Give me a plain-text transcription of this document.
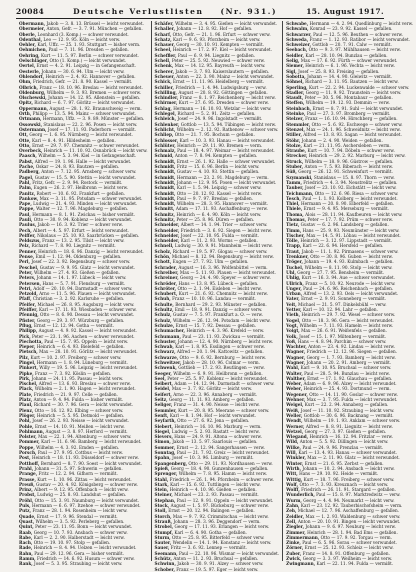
20084	Deutsche Verlustlisten (Nr. 931.)	15. August 1917.
Obermann, Jakob — 3. 8. 13. Brüssel — leicht verwundet.
Obermeier, Anton, Gefr. — 3. 7. 91. München — gefallen.
Oberle, Leonhard (3. Komp.) — schwer verwundet.
Odenthal, Leo — 12. 9. 95. Köln — leicht verw.
Oehler, Karl, Uffz. — 25. 1. 93. Stuttgart — bisher verm.
Oehmichen, Paul — 7. 11. 96. Dresden — gefallen.
Oehring, Kurt — 11. 5. 97. Berlin — schwer verwundet.
Oelschläger, Otto (1. Komp.) — leicht verwundet.
Oertel, Ernst — 4. 2. 91. Leipzig — in Gefangenschaft.
Oesterle, Johann — 30. 6. 94. Ulm — leicht verw.
Ohlendorf, Heinrich — 2. 4. 92. Hannover — gefallen.
Ohm, Friedrich, Gefr. — 21. 8. 90. Kassel — vermißt.
Olbrich, Franz — 18. 10. 96. Breslau — leicht verwundet.
Oldenburg, Wilhelm — 9. 3. 93. Bremen — schwer verw.
Olschewski, Johann — 14. 12. 95. Allenstein — gefallen.
Opitz, Richard — 6. 7. 97. Görlitz — leicht verwundet.
Oppermann, August — 28. 1. 92. Braunschweig — verm.
Orth, Philipp — 13. 5. 94. Mainz — schwer verwundet.
Ortmann, Hermann, Uffz. — 3. 9. 89. Münster — gefallen.
Ossowski, Stanislaus — 22. 2. 96. Posen — leicht verw.
Ostermann, Josef — 17. 11. 93. Paderborn — vermißt.
Ott, Georg — 1. 6. 95. Nürnberg — leicht verwundet.
Otte, Karl — 8. 4. 91. Hildesheim — gefallen.
Otto, Ernst — 29. 7. 97. Chemnitz — schwer verwundet.
Overbeck, Heinrich — 11. 10. 92. Osnabrück — leicht verw.
Paasch, Wilhelm — 5. 3. 94. Kiel — in Gefangenschaft.
Pabst, Alfred — 19. 1. 96. Halle — leicht verwundet.
Pache, Oskar — 24. 8. 93. Bautzen — gefallen.
Padberg, Anton — 7. 12. 95. Arnsberg — schwer verw.
Pagel, Gustav — 15. 5. 90. Stettin — leicht verwundet.
Pahl, Fritz, Gefr. — 2. 9. 94. Rostock — vermißt.
Palm, Eugen — 26. 2. 97. Heilbronn — leicht verw.
Panitz, Robert — 10. 6. 92. Frankfurt — gefallen.
Pankow, Max — 3. 11. 95. Potsdam — schwer verwundet.
Pape, Ludwig — 21. 4. 93. Minden — leicht verwundet.
Pappe, Walter — 12. 7. 96. Magdeburg — gefallen.
Paul, Hermann — 8. 1. 91. Zwickau — bisher vermißt.
Pauli, Otto — 30. 9. 94. Koblenz — leicht verwundet.
Paulus, Jakob — 16. 3. 92. Trier — schwer verw.
Pech, Albert — 4. 5. 97. Erfurt — leicht verwundet.
Peiffer, Nikolaus — 25. 10. 93. Saarbrücken — gefallen.
Peldszus, Franz — 13. 2. 95. Tilsit — leicht verw.
Pelz, Richard — 7. 8. 90. Liegnitz — vermißt.
Penner, Heinrich — 18. 6. 96. Danzig — leicht verwundet.
Pense, Emil — 1. 12. 94. Oldenburg — gefallen.
Perl, Josef — 22. 3. 92. Regensburg — schwer verw.
Peschel, Gustav — 9. 9. 95. Glatz — leicht verwundet.
Peter, Wilhelm — 27. 4. 93. Gießen — gefallen.
Peters, Johann — 14. 1. 97. Lübeck — leicht verw.
Petersen, Hans — 5. 7. 91. Flensburg — vermißt.
Petri, Adolf — 20. 10. 94. Darmstadt — schwer verw.
Petzold, Arno — 11. 5. 96. Plauen — leicht verwundet.
Pfaff, Christian — 3. 2. 92. Karlsruhe — gefallen.
Pfeifer, Michael — 26. 8. 95. Augsburg — leicht verw.
Pfeiffer, Karl — 17. 11. 93. Wiesbaden — schwer verw.
Pfennig, Otto — 8. 6. 90. Dessau — leicht verwundet.
Pfister, Georg — 29. 3. 97. Würzburg — gefallen.
Pflug, Ernst — 12. 12. 94. Gotha — vermißt.
Philipp, August — 4. 9. 92. Kassel — leicht verwundet.
Pick, Peter — 23. 1. 96. Aachen — schwer verwundet.
Piechotta, Paul — 15. 7. 95. Oppeln — leicht verw.
Pieper, Heinrich — 6. 4. 93. Bielefeld — gefallen.
Pietsch, Max — 28. 10. 91. Görlitz — leicht verwundet.
Pilz, Kurt — 10. 2. 97. Freiberg — schwer verw.
Pingel, Hermann — 1. 8. 94. Lüneburg — vermißt.
Pinkert, Willy — 19. 5. 96. Leipzig — leicht verwundet.
Pipke, Franz — 7. 3. 92. Köslin — gefallen.
Pirk, Johann — 24. 11. 95. Passau — leicht verw.
Pischel, Alfred — 13. 6. 93. Breslau — schwer verw.
Plack, Wilhelm — 2. 1. 90. Hagen — leicht verwundet.
Plate, Friedrich — 21. 9. 97. Celle — gefallen.
Platz, Anton — 9. 4. 94. Fulda — bisher vermißt.
Plaul, Richard — 30. 7. 96. Gera — leicht verwundet.
Plenz, Otto — 16. 12. 92. Elbing — schwer verw.
Plöger, Heinrich — 5. 5. 95. Detmold — gefallen.
Pohl, Josef — 26. 2. 93. Neisse — leicht verwundet.
Pohle, Ernst — 14. 10. 91. Meißen — leicht verw.
Pohlmann, August — 3. 8. 97. Herford — vermißt.
Polster, Max — 22. 1. 94. Altenburg — schwer verw.
Pommer, Karl — 11. 6. 96. Bamberg — leicht verwundet.
Poppe, Wilhelm — 4. 3. 92. Emden — gefallen.
Porsch, Paul — 27. 9. 95. Cottbus — leicht verw.
Post, Heinrich — 18. 11. 93. Düsseldorf — schwer verw.
Potthoff, Bernhard — 8. 7. 90. Soest — leicht verwundet.
Prahl, Johann — 31. 5. 97. Schwerin — gefallen.
Prange, Fritz — 12. 2. 94. Gifhorn — vermißt.
Prasse, Kurt — 1. 10. 96. Zittau — leicht verwundet.
Preuß, Gustav — 20. 4. 92. Königsberg — schwer verw.
Prinz, Albert — 9. 12. 95. Offenbach — leicht verw.
Probst, Ludwig — 25. 8. 93. Landshut — gefallen.
Pröhl, Otto — 15. 3. 91. Naumburg — leicht verwundet.
Puls, Hermann — 6. 6. 97. Itzehoe — schwer verwundet.
Putz, Franz — 28. 1. 94. Rosenheim — leicht verw.
Quade, Ernst — 17. 9. 96. Stendal — vermißt.
Quast, Wilhelm — 3. 5. 92. Perleberg — gefallen.
Quint, Peter — 23. 11. 95. Bonn — leicht verwundet.
Raab, Georg — 10. 7. 93. Ansbach — schwer verw.
Rabe, Karl — 2. 2. 90. Halberstadt — leicht verw.
Rach, Otto — 19. 10. 97. Stolp — gefallen.
Rade, Heinrich — 8. 4. 94. Uelzen — leicht verwundet.
Rahn, Paul — 29. 12. 96. Gera — bisher vermißt.
Ramm, Friedrich — 14. 6. 92. Husum — schwer verw.
Rank, Josef — 5. 3. 95. Straubing — leicht verw.
Schäfer, Wilhelm — 3. 4. 95. Gießen — leicht verwundet.
Schaller, Johann — 12. 8. 92. Hof — gefallen.
Scharf, Otto, Gefr. — 21. 1. 96. Erfurt — schwer verw.
Schatz, Karl — 9. 6. 93. Pforzheim — leicht verw.
Schauer, Georg — 30. 10. 91. Kempten — vermißt.
Scheel, Heinrich — 17. 2. 97. Kiel — leicht verwundet.
Scheffler, Paul — 6. 9. 94. Liegnitz — gefallen.
Schell, Peter — 25. 5. 92. Neuwied — schwer verw.
Schenk, Max — 14. 12. 95. Bayreuth — leicht verw.
Scherer, Jakob — 3. 7. 93. Kaiserslautern — gefallen.
Scheuer, Anton — 22. 3. 90. Mainz — leicht verwundet.
Schick, Ernst — 11. 11. 96. Heidelberg — vermißt.
Schiller, Friedrich — 1. 4. 94. Ludwigsburg — verw.
Schilling, August — 20. 8. 92. Göttingen — gefallen.
Schindler, Franz — 8. 1. 97. Reichenberg — leicht verw.
Schirmer, Kurt — 27. 6. 95. Dresden — schwer verw.
Schlag, Hermann — 16. 10. 93. Wetzlar — leicht verw.
Schlegel, Richard — 5. 2. 91. Zeitz — gefallen.
Schleich, Josef — 24. 9. 96. Ingolstadt — vermißt.
Schlenker, Gottlob — 13. 5. 94. Tübingen — leicht verw.
Schlicht, Wilhelm — 2. 12. 92. Rathenow — schwer verw.
Schliep, Otto — 21. 7. 95. Bochum — gefallen.
Schlosser, Karl — 10. 3. 93. Hanau — leicht verwundet.
Schlüter, Heinrich — 29. 11. 90. Bremen — verm.
Schmalz, Paul — 18. 4. 97. Weimar — leicht verwundet.
Schmid, Anton — 7. 8. 94. Kempten — gefallen.
Schmidt, Ernst — 26. 1. 92. Halle — schwer verwundet.
Schmidt, Fritz — 15. 6. 96. Berlin — leicht verw.
Schmidt, Gustav — 4. 10. 93. Stettin — gefallen.
Schmidt, Hermann — 23. 2. 91. Magdeburg — verm.
Schmidt, Johann — 12. 9. 95. Posen — leicht verwundet.
Schmidt, Karl — 1. 5. 94. Leipzig — schwer verw.
Schmidt, Otto — 20. 12. 92. Kassel — leicht verw.
Schmidt, Paul — 9. 7. 97. Breslau — gefallen.
Schmidt, Wilhelm — 28. 3. 95. Hannover — vermißt.
Schmitt, Adam — 17. 11. 93. Aschaffenburg — verw.
Schmitz, Heinrich — 6. 4. 90. Köln — leicht verw.
Schmitz, Peter — 25. 8. 96. Düren — gefallen.
Schneider, Albert — 14. 1. 94. Trier — schwer verw.
Schneider, Friedrich — 3. 6. 92. Siegen — leicht verw.
Schneider, Josef — 22. 10. 95. Fulda — vermißt.
Schneider, Karl — 11. 2. 93. Worms — gefallen.
Schnell, Ludwig — 30. 9. 91. Mannheim — leicht verw.
Scholz, Richard — 19. 5. 97. Glogau — schwer verw.
Schön, Michael — 8. 12. 94. Regensburg — leicht verw.
Schott, Eugen — 27. 7. 92. Ulm — gefallen.
Schrader, August — 16. 3. 96. Wolfenbüttel — verm.
Schreiber, Max — 5. 11. 93. Plauen — leicht verwundet.
Schreiner, Georg — 24. 4. 90. Speyer — schwer verw.
Schröder, Hans — 13. 8. 95. Lübeck — gefallen.
Schröter, Otto — 2. 1. 94. Eisleben — leicht verw.
Schubert, Kurt — 21. 6. 92. Chemnitz — leicht verw.
Schuh, Franz — 10. 10. 96. Landau — vermißt.
Schulte, Bernhard — 29. 2. 93. Münster — gefallen.
Schultz, Emil — 18. 9. 91. Danzig — schwer verw.
Schulz, Gustav — 7. 5. 97. Frankfurt a. O. — verw.
Schulz, Wilhelm — 26. 12. 94. Potsdam — leicht verw.
Schulze, Ernst — 15. 7. 92. Dessau — gefallen.
Schumacher, Heinrich — 4. 3. 96. Krefeld — verw.
Schumann, Paul — 23. 11. 93. Zwickau — vermißt.
Schuster, Johann — 12. 4. 90. Nürnberg — leicht verw.
Schwab, Karl — 1. 8. 95. Esslingen — schwer verw.
Schwarz, Alfred — 20. 1. 94. Kattowitz — gefallen.
Schwarze, Otto — 9. 6. 92. Bernburg — leicht verw.
Schweitzer, Jakob — 28. 10. 96. Colmar — verm.
Schwenk, Gottlieb — 17. 2. 93. Reutlingen — verw.
Seeger, Wilhelm — 6. 9. 91. Heilbronn — gefallen.
Seel, Peter — 25. 5. 97. Koblenz — leicht verwundet.
Seibert, Adam — 14. 12. 94. Darmstadt — schwer verw.
Seidel, Max — 3. 7. 92. Görlitz — leicht verw.
Seifert, Arno — 22. 3. 96. Annaberg — vermißt.
Seitz, Georg — 11. 11. 93. Amberg — gefallen.
Seliger, Franz — 31. 4. 90. Neisse — leicht verw.
Semmler, Kurt — 20. 8. 95. Meerane — schwer verw.
Senft, Karl — 8. 1. 94. Hof — leicht verwundet.
Seyfarth, Otto — 27. 6. 92. Jena — gefallen.
Siebert, Heinrich — 16. 10. 96. Marburg — verm.
Siegel, Ludwig — 5. 2. 93. Rastatt — leicht verw.
Sievers, Hans — 24. 9. 91. Altona — schwer verw.
Simon, Jakob — 13. 5. 97. Saarlouis — gefallen.
Sommer, Ernst — 2. 12. 94. Sangerhausen — verw.
Sonntag, Paul — 21. 7. 92. Greiz — leicht verwundet.
Spahn, Josef — 10. 3. 96. Limburg — vermißt.
Spangenberg, Otto — 29. 11. 93. Nordhausen — verw.
Spieß, Georg — 18. 4. 90. Gunzenhausen — gefallen.
Sprenger, Wilhelm — 7. 8. 95. Hamm — leicht verw.
Stahl, Friedrich — 26. 1. 94. Pforzheim — schwer verw.
Stark, Karl — 15. 6. 92. Tuttlingen — leicht verw.
Stein, Heinrich — 4. 10. 96. Gießen — gefallen.
Steiner, Michael — 23. 2. 93. Passau — vermißt.
Stephan, Paul — 12. 9. 91. Oppeln — leicht verwundet.
Stock, August — 1. 5. 97. Bückeburg — schwer verw.
Stoll, Ernst — 20. 12. 94. Balingen — gefallen.
Storch, Max — 9. 7. 92. Crimmitschau — leicht verw.
Strauß, Johann — 28. 3. 96. Deggendorf — verm.
Strobel, Georg — 17. 11. 93. Erlangen — leicht verw.
Stumpf, Karl — 6. 4. 90. Gotha — gefallen.
Sturm, Otto — 25. 8. 95. Bitterfeld — schwer verw.
Sauter, Wendelin — 14. 1. 94. Konstanz — leicht verw.
Sauer, Fritz — 3. 6. 92. Lennep — vermißt.
Seemann, Paul — 22. 10. 96. Wismar — leicht verwundet.
Schütz, Anton — 11. 2. 93. Bruchsal — gefallen.
Schwinn, Jakob — 30. 9. 91. Alzey — schwer verw.
Schober, Franz — 19. 5. 97. Eger — leicht verw.
Schwabe, Hermann — 4. 2. 94. Quedlinburg — leicht verw.
Schwalm, Konrad — 23. 9. 92. Kassel — gefallen.
Schwarzer, Paul — 12. 5. 96. Beuthen — schwer verw.
Schweda, Franz — 1. 12. 93. Ratibor — leicht verwundet.
Schweizer, Gottlob — 20. 7. 91. Calw — vermißt.
Seebach, Otto — 9. 3. 97. Mühlhausen — leicht verw.
Seidler, Karl — 28. 10. 94. Bunzlau — gefallen.
Selig, Max — 17. 6. 92. Fürth — schwer verwundet.
Siemer, Heinrich — 6. 1. 96. Vechta — leicht verw.
Sigl, Josef — 25. 8. 93. Freising — gefallen.
Sobotta, Johann — 14. 4. 90. Gleiwitz — vermißt.
Söhnel, Richard — 3. 11. 95. Bautzen — leicht verw.
Sperling, Kurt — 22. 2. 94. Luckenwalde — schwer verw.
Stadler, Georg — 11. 9. 92. Traunstein — leicht verw.
Staudt, Peter — 30. 5. 96. Montabaur — gefallen.
Steffen, Wilhelm — 19. 12. 93. Demmin — verw.
Steinbach, Ernst — 8. 7. 91. Suhl — leicht verwundet.
Steinke, Paul — 27. 3. 97. Bromberg — vermißt.
Stelzer, Franz — 16. 10. 94. Hirschberg — gefallen.
Stemmler, Otto — 5. 6. 92. Eschwege — schwer verw.
Stenzel, Max — 24. 1. 96. Schweidnitz — leicht verw.
Stiller, Alfred — 13. 8. 93. Sagan — leicht verwundet.
Stöhr, Johann — 2. 4. 90. Weiden — gefallen.
Stolze, Karl — 21. 11. 95. Aschersleben — verm.
Straube, Kurt — 10. 7. 94. Döbeln — schwer verw.
Strecker, Heinrich — 29. 2. 92. Marburg — leicht verw.
Struck, Wilhelm — 18. 9. 96. Güstrow — gefallen.
Stuber, Anton — 7. 5. 93. Biberach — leicht verw.
Süß, Georg — 26. 12. 91. Schweinfurt — vermißt.
Szymanski, Stanislaus — 15. 8. 97. Thorn — verw.
Tamm, Friedrich — 4. 3. 94. Neustrelitz — gefallen.
Tauber, Josef — 23. 10. 92. Eichstätt — leicht verw.
Teichmann, Otto — 12. 6. 96. Riesa — schwer verw.
Tesch, Paul — 1. 1. 93. Kolberg — leicht verwundet.
Thiel, Hermann — 20. 8. 90. Elberfeld — gefallen.
Thiele, Ernst — 9. 4. 95. Merseburg — vermißt.
Thoma, Alois — 28. 11. 94. Kaufbeuren — leicht verw.
Thomas, Peter — 17. 7. 92. Prüm — schwer verw.
Tietz, Gustav — 6. 2. 96. Landsberg — gefallen.
Timm, Hans — 25. 9. 93. Neumünster — leicht verw.
Tischer, Max — 14. 5. 91. Löbau — leicht verwundet.
Tölle, Heinrich — 3. 12. 97. Lippstadt — vermißt.
Trapp, Karl — 22. 6. 94. Hersfeld — gefallen.
Traut, Jakob — 11. 1. 92. Pirmasens — schwer verw.
Trenkner, Otto — 30. 8. 96. Guben — leicht verw.
Tröger, Johann — 19. 4. 93. Kulmbach — gefallen.
Tuchel, Wilhelm — 8. 11. 90. Stolp — leicht verw.
Uhl, Georg — 27. 7. 95. Bensheim — vermißt.
Uhlig, Kurt — 16. 3. 94. Aue — schwer verwundet.
Ullrich, Franz — 5. 10. 92. Neurode — leicht verw.
Unger, Paul — 24. 6. 96. Reichenbach — gefallen.
Urban, Alfred — 13. 2. 93. Oels — leicht verwundet.
Vater, Ernst — 2. 9. 91. Sonneberg — vermißt.
Veit, Michael — 21. 5. 97. Dinkelsbühl — verw.
Vetter, Karl — 10. 12. 94. Lahr — gefallen.
Vieth, Heinrich — 29. 7. 92. Wesel — schwer verw.
Vogel, Otto — 18. 3. 96. Gera — leicht verwundet.
Vogt, Wilhelm — 7. 11. 93. Hameln — leicht verw.
Voigt, Max — 26. 6. 91. Weißenfels — gefallen.
Volk, Josef — 15. 1. 97. Miltenberg — vermißt.
Voß, Hans — 4. 8. 94. Parchim — schwer verw.
Wachter, Anton — 23. 4. 92. Lindau — leicht verw.
Wagner, Friedrich — 12. 12. 96. Siegen — gefallen.
Wagner, Georg — 1. 7. 93. Bamberg — leicht verw.
Wagner, Johann — 20. 2. 91. Amberg — vermißt.
Wahl, Karl — 9. 10. 95. Bruchsal — schwer verw.
Walter, Paul — 28. 5. 94. Bunzlau — leicht verw.
Walther, Ernst — 17. 1. 92. Glauchau — gefallen.
Weber, Adam — 6. 9. 96. Alzey — leicht verwundet.
Weber, Heinrich — 25. 4. 93. Dortmund — verm.
Wegener, Otto — 14. 11. 90. Goslar — schwer verw.
Wehner, Max — 3. 7. 95. Fulda — leicht verwundet.
Weigel, Kurt — 22. 2. 94. Annaberg — gefallen.
Weiß, Josef — 11. 10. 92. Straubing — leicht verw.
Weller, Gottlob — 30. 6. 96. Backnang — vermißt.
Wendt, Wilhelm — 19. 1. 93. Anklam — schwer verw.
Werner, Alfred — 8. 8. 91. Liegnitz — leicht verw.
Wetzel, Georg — 27. 3. 97. Gießen — gefallen.
Wiegand, Heinrich — 16. 12. 94. Fritzlar — verw.
Wild, Anton — 5. 5. 92. Dillingen — leicht verw.
Wilke, Paul — 24. 9. 96. Prenzlau — vermißt.
Will, Karl — 13. 4. 93. Hanau — schwer verwundet.
Winkler, Max — 2. 11. 90. Glatz — leicht verwundet.
Winter, Ernst — 21. 6. 95. Zerbst — gefallen.
Wirth, Johann — 10. 2. 94. Ansbach — leicht verw.
Witt, Hans — 29. 10. 92. Heide — vermißt.
Wittig, Kurt — 18. 7. 96. Freiberg — schwer verw.
Wolf, Otto — 7. 3. 93. Kreuznach — leicht verw.
Wolff, Friedrich — 26. 11. 91. Stargard — gefallen.
Wunderlich, Paul — 15. 8. 97. Marktredwitz — verw.
Wurm, Georg — 4. 4. 94. Neumarkt — leicht verw.
Zahn, Karl — 23. 12. 92. Tauberbischofsheim — verm.
Zeh, Michael — 12. 7. 96. Aschaffenburg — gefallen.
Zeidler, Max — 1. 2. 93. Waldenburg — schwer verw.
Zell, Anton — 20. 10. 91. Bingen — leicht verwundet.
Ziegler, Johann — 9. 6. 97. Neuburg — leicht verw.
Zimmer, Heinrich — 28. 1. 94. Bad Ems — gefallen.
Zimmermann, Otto — 17. 9. 92. Torgau — verm.
Zinke, Paul — 6. 5. 96. Sorau — schwer verwundet.
Zörner, Ernst — 25. 12. 93. Schleiz — leicht verw.
Zuber, Franz — 14. 8. 91. Offenburg — gefallen.
Zwick, Georg — 3. 3. 97. Weilheim — leicht verw.
Zwingmann, Karl — 22. 11. 94. Fulda — vermißt.
